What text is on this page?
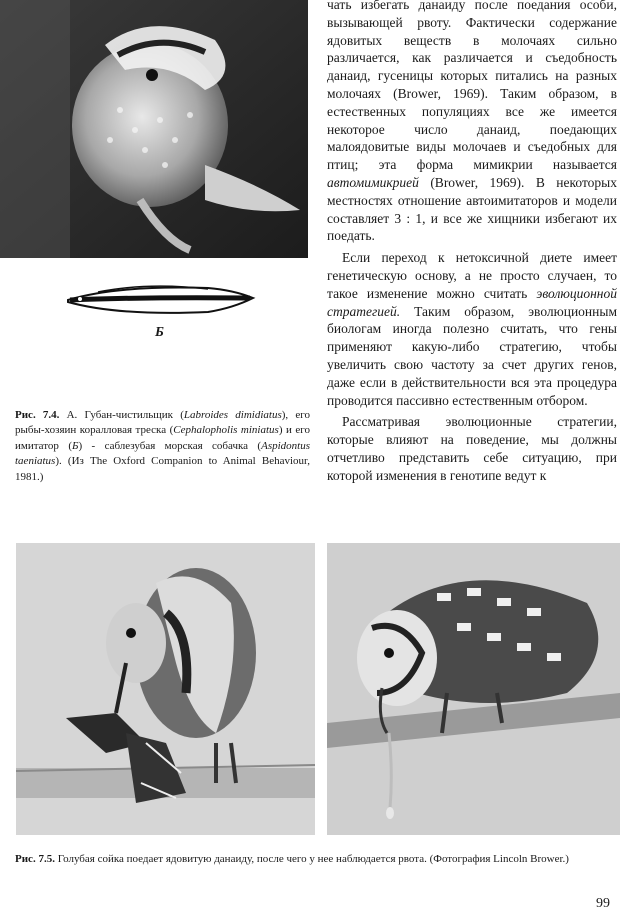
Б
Рис. 7.4. А. Губан-чистильщик (Labroides dimidiatus), его рыбы-хозяин коралловая треска (Cephalopholis miniatus) и его имитатор (Б) - саблезубая морская собачка (Aspidontus taeniatus). (Из The Oxford Companion to Animal Behaviour, 1981.)

чать избегать данаиду после поедания особи, вызывающей рвоту. Фактически содержание ядовитых веществ в молочаях сильно различается, как различается и съедобность данаид, гусеницы которых питались на разных молочаях (Brower, 1969). Таким образом, в естественных популяциях все же имеется некоторое число данаид, поедающих малоядовитые виды молочаев и съедобных для птиц; эта форма мимикрии называется автомимикрией (Brower, 1969). В некоторых местностях отношение автоимитаторов и модели составляет 3 : 1, и все же хищники избегают их поедать.

Если переход к нетоксичной диете имеет генетическую основу, а не просто случаен, то такое изменение можно считать эволюционной стратегией. Таким образом, эволюционным биологам иногда полезно считать, что гены применяют какую-либо стратегию, чтобы увеличить свою частоту за счет других генов, даже если в действительности вся эта процедура проводится пассивно естественным отбором.

Рассматривая эволюционные стратегии, которые влияют на поведение, мы должны отчетливо представить себе ситуацию, при которой изменения в генотипе ведут к

Рис. 7.5. Голубая сойка поедает ядовитую данаиду, после чего у нее наблюдается рвота. (Фотография Lincoln Brower.)
99
